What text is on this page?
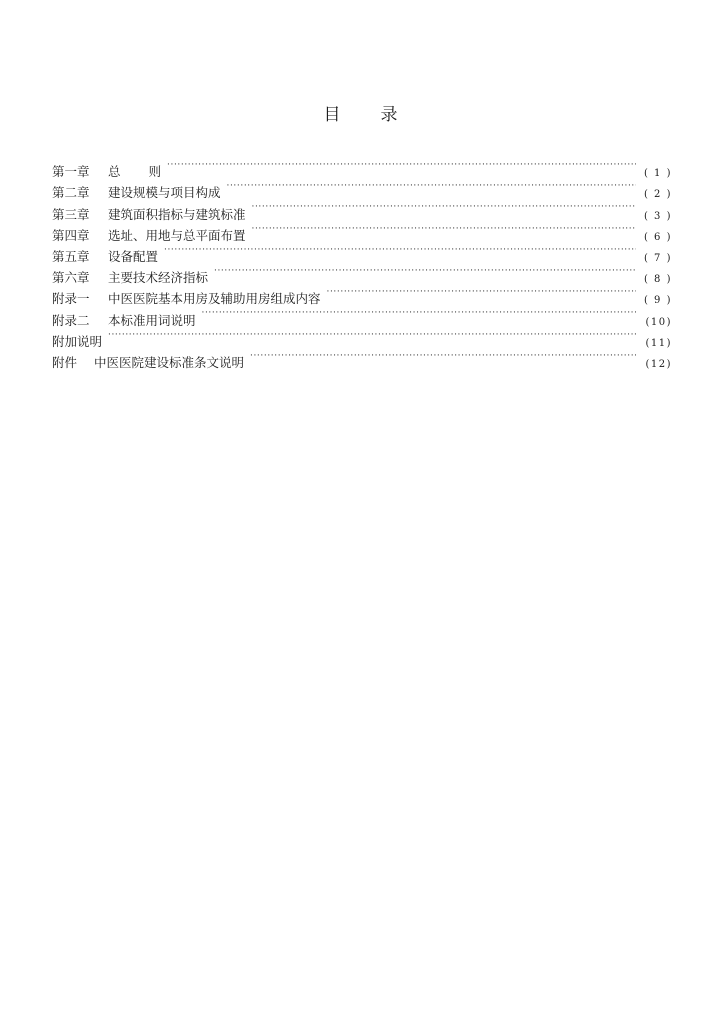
目 录
第一章	总 则 ·····	( 1 )
第二章	建设规模与项目构成 ·····	( 2 )
第三章	建筑面积指标与建筑标准 ·····	( 3 )
第四章	选址、用地与总平面布置 ·····	( 6 )
第五章	设备配置 ·····	( 7 )
第六章	主要技术经济指标 ·····	( 8 )
附录一	中医医院基本用房及辅助用房组成内容 ·····	( 9 )
附录二	本标准用词说明 ·····	(10)
附加说明 ·····	(11)
附件	中医医院建设标准条文说明 ·····	(12)
